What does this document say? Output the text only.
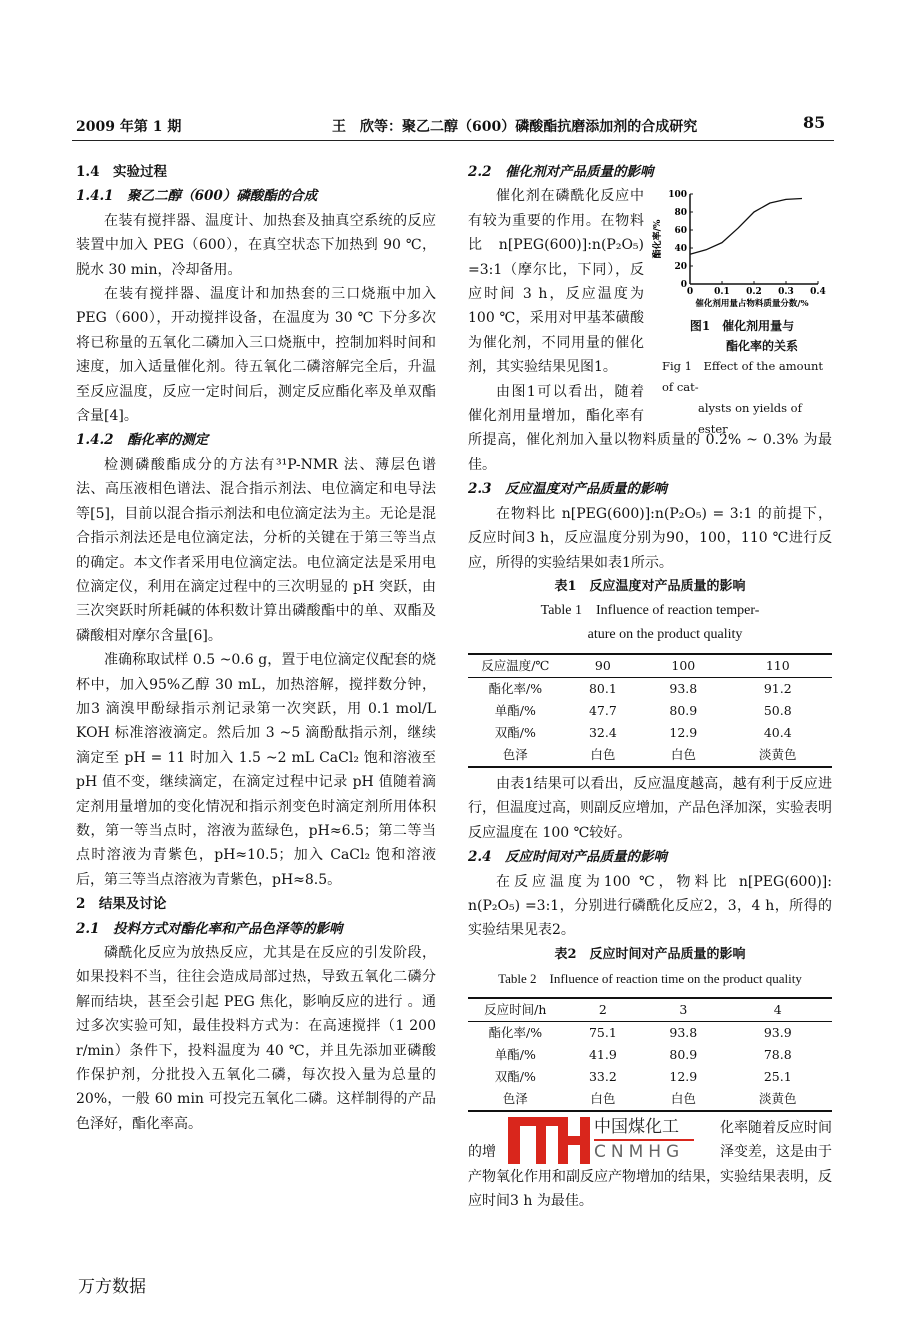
2009 年第 1 期	王　欣等：聚乙二醇（600）磷酸酯抗磨添加剂的合成研究	85
1.4　实验过程
1.4.1　聚乙二醇（600）磷酸酯的合成

在装有搅拌器、温度计、加热套及抽真空系统的反应装置中加入 PEG（600），在真空状态下加热到 90 ℃，脱水 30 min，冷却备用。

在装有搅拌器、温度计和加热套的三口烧瓶中加入 PEG（600），开动搅拌设备，在温度为 30 ℃ 下分多次将已称量的五氧化二磷加入三口烧瓶中，控制加料时间和速度，加入适量催化剂。待五氧化二磷溶解完全后，升温至反应温度，反应一定时间后，测定反应酯化率及单双酯含量[4]。

1.4.2　酯化率的测定

检测磷酸酯成分的方法有³¹P-NMR 法、薄层色谱法、高压液相色谱法、混合指示剂法、电位滴定和电导法等[5]，目前以混合指示剂法和电位滴定法为主。无论是混合指示剂法还是电位滴定法，分析的关键在于第三等当点的确定。本文作者采用电位滴定法。电位滴定法是采用电位滴定仪，利用在滴定过程中的三次明显的 pH 突跃，由三次突跃时所耗碱的体积数计算出磷酸酯中的单、双酯及磷酸相对摩尔含量[6]。

准确称取试样 0.5 ~0.6 g，置于电位滴定仪配套的烧杯中，加入95%乙醇 30 mL，加热溶解，搅拌数分钟，加3 滴溴甲酚绿指示剂记录第一次突跃，用 0.1 mol/L KOH 标准溶液滴定。然后加 3 ~5 滴酚酞指示剂，继续滴定至 pH = 11 时加入 1.5 ~2 mL CaCl₂ 饱和溶液至 pH 值不变，继续滴定，在滴定过程中记录 pH 值随着滴定剂用量增加的变化情况和指示剂变色时滴定剂所用体积数，第一等当点时，溶液为蓝绿色，pH≈6.5；第二等当点时溶液为青紫色，pH≈10.5；加入 CaCl₂ 饱和溶液后，第三等当点溶液为青紫色，pH≈8.5。

2　结果及讨论
2.1　投料方式对酯化率和产品色泽等的影响

磷酰化反应为放热反应，尤其是在反应的引发阶段，如果投料不当，往往会造成局部过热，导致五氧化二磷分解而结块，甚至会引起 PEG 焦化，影响反应的进行 。通过多次实验可知，最佳投料方式为：在高速搅拌（1 200 r/min）条件下，投料温度为 40 ℃，并且先添加亚磷酸作保护剂，分批投入五氧化二磷，每次投入量为总量的 20%，一般 60 min 可投完五氧化二磷。这样制得的产品色泽好，酯化率高。

2.2　催化剂对产品质量的影响
0
20
40
60
80
100
0 0.1 0.2 0.3 0.4
酯化率/%
催化剂用量占物料质量分数/%
图1　催化剂用量与
酯化率的关系
Fig 1　 Effect of the amount of cat-
alysts on yields of ester

催化剂在磷酰化反应中有较为重要的作用。在物料比 n[PEG(600)]:n(P₂O₅) =3:1（摩尔比，下同），反应时间 3 h，反应温度为 100 ℃，采用对甲基苯磺酸为催化剂，不同用量的催化剂，其实验结果见图1。

由图1可以看出，随着催化剂用量增加，酯化率有所提高，催化剂加入量以物料质量的 0.2% ~ 0.3% 为最佳。

2.3　反应温度对产品质量的影响

在物料比 n[PEG(600)]:n(P₂O₅) = 3:1 的前提下，反应时间3 h，反应温度分别为90，100，110 ℃进行反应，所得的实验结果如表1所示。

表1　反应温度对产品质量的影响
Table 1　Influence of reaction temper-
ature on the product quality
反应温度/℃	90	100	110
酯化率/%	80.1	93.8	91.2
单酯/%	47.7	80.9	50.8
双酯/%	32.4	12.9	40.4
色泽	白色	白色	淡黄色

由表1结果可以看出，反应温度越高，越有利于反应进行，但温度过高，则副反应增加，产品色泽加深，实验表明反应温度在 100 ℃较好。

2.4　反应时间对产品质量的影响

在反应温度为100 ℃，物料比 n[PEG(600)]: n(P₂O₅) =3:1，分别进行磷酰化反应2，3，4 h，所得的实验结果见表2。

表2　反应时间对产品质量的影响
Table 2　Influence of reaction time on the product quality
反应时间/h	2	3	4
酯化率/%	75.1	93.8	93.9
单酯/%	41.9	80.9	78.8
双酯/%	33.2	12.9	25.1
色泽	白色	白色	淡黄色
化率随着反应时间
的增	泽变差，这是由于
产物氧化作用和副反应产物增加的结果，实验结果表明，反应时间3 h 为最佳。
中国煤化工
CNMHG
万方数据
